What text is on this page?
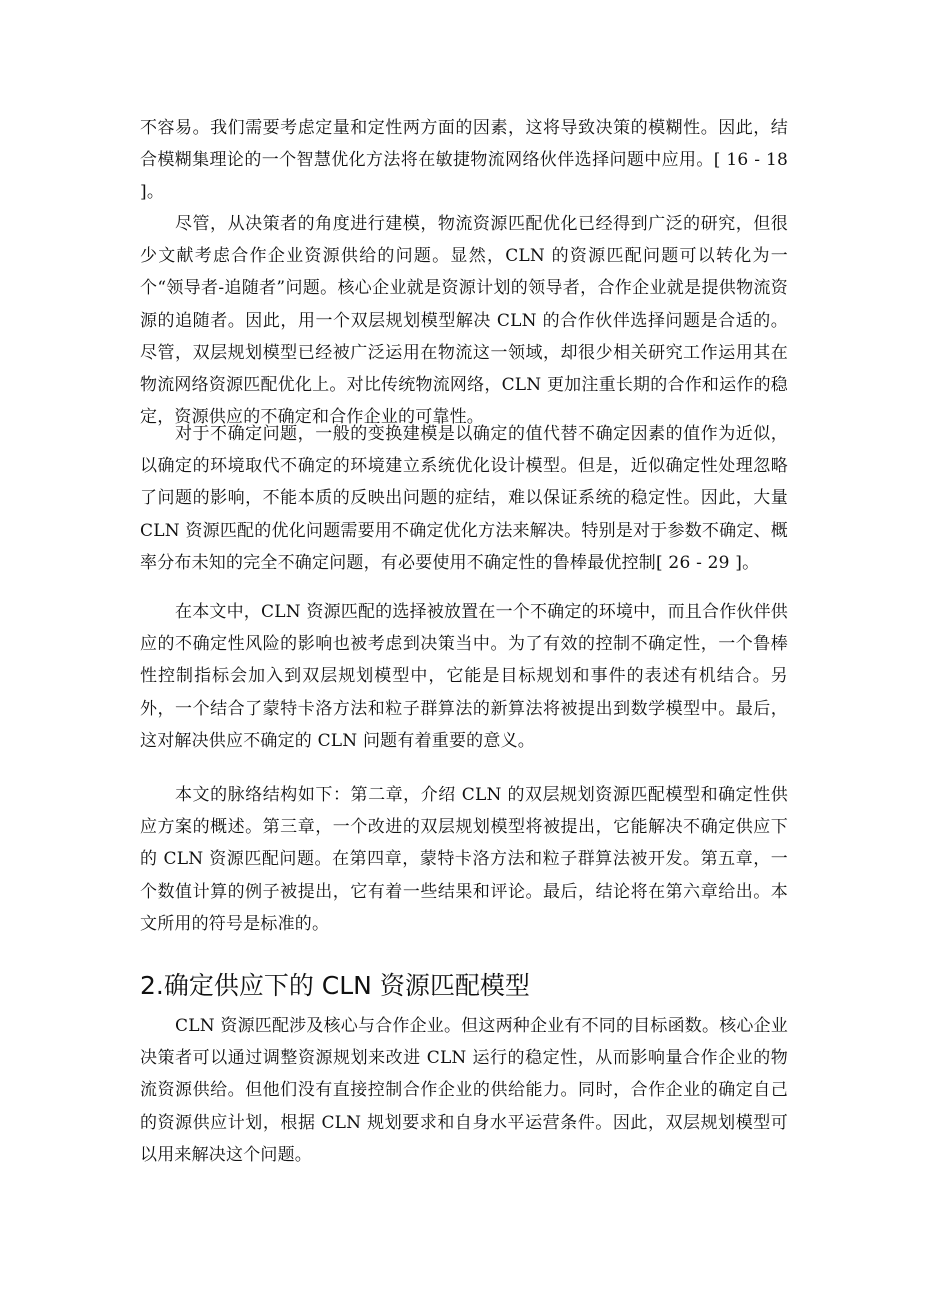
不容易。我们需要考虑定量和定性两方面的因素，这将导致决策的模糊性。因此，结合模糊集理论的一个智慧优化方法将在敏捷物流网络伙伴选择问题中应用。[ 16 - 18 ]。

尽管，从决策者的角度进行建模，物流资源匹配优化已经得到广泛的研究，但很少文献考虑合作企业资源供给的问题。显然，CLN 的资源匹配问题可以转化为一个“领导者-追随者”问题。核心企业就是资源计划的领导者，合作企业就是提供物流资源的追随者。因此，用一个双层规划模型解决 CLN 的合作伙伴选择问题是合适的。尽管，双层规划模型已经被广泛运用在物流这一领域，却很少相关研究工作运用其在物流网络资源匹配优化上。对比传统物流网络，CLN 更加注重长期的合作和运作的稳定，资源供应的不确定和合作企业的可靠性。

对于不确定问题，一般的变换建模是以确定的值代替不确定因素的值作为近似，以确定的环境取代不确定的环境建立系统优化设计模型。但是，近似确定性处理忽略了问题的影响，不能本质的反映出问题的症结，难以保证系统的稳定性。因此，大量 CLN 资源匹配的优化问题需要用不确定优化方法来解决。特别是对于参数不确定、概率分布未知的完全不确定问题，有必要使用不确定性的鲁棒最优控制[ 26 - 29 ]。

在本文中，CLN 资源匹配的选择被放置在一个不确定的环境中，而且合作伙伴供应的不确定性风险的影响也被考虑到决策当中。为了有效的控制不确定性，一个鲁棒性控制指标会加入到双层规划模型中，它能是目标规划和事件的表述有机结合。另外，一个结合了蒙特卡洛方法和粒子群算法的新算法将被提出到数学模型中。最后，这对解决供应不确定的 CLN 问题有着重要的意义。

本文的脉络结构如下：第二章，介绍 CLN 的双层规划资源匹配模型和确定性供应方案的概述。第三章，一个改进的双层规划模型将被提出，它能解决不确定供应下的 CLN 资源匹配问题。在第四章，蒙特卡洛方法和粒子群算法被开发。第五章，一个数值计算的例子被提出，它有着一些结果和评论。最后，结论将在第六章给出。本文所用的符号是标准的。

2.确定供应下的 CLN 资源匹配模型

CLN 资源匹配涉及核心与合作企业。但这两种企业有不同的目标函数。核心企业决策者可以通过调整资源规划来改进 CLN 运行的稳定性，从而影响量合作企业的物流资源供给。但他们没有直接控制合作企业的供给能力。同时，合作企业的确定自己的资源供应计划，根据 CLN 规划要求和自身水平运营条件。因此，双层规划模型可以用来解决这个问题。
